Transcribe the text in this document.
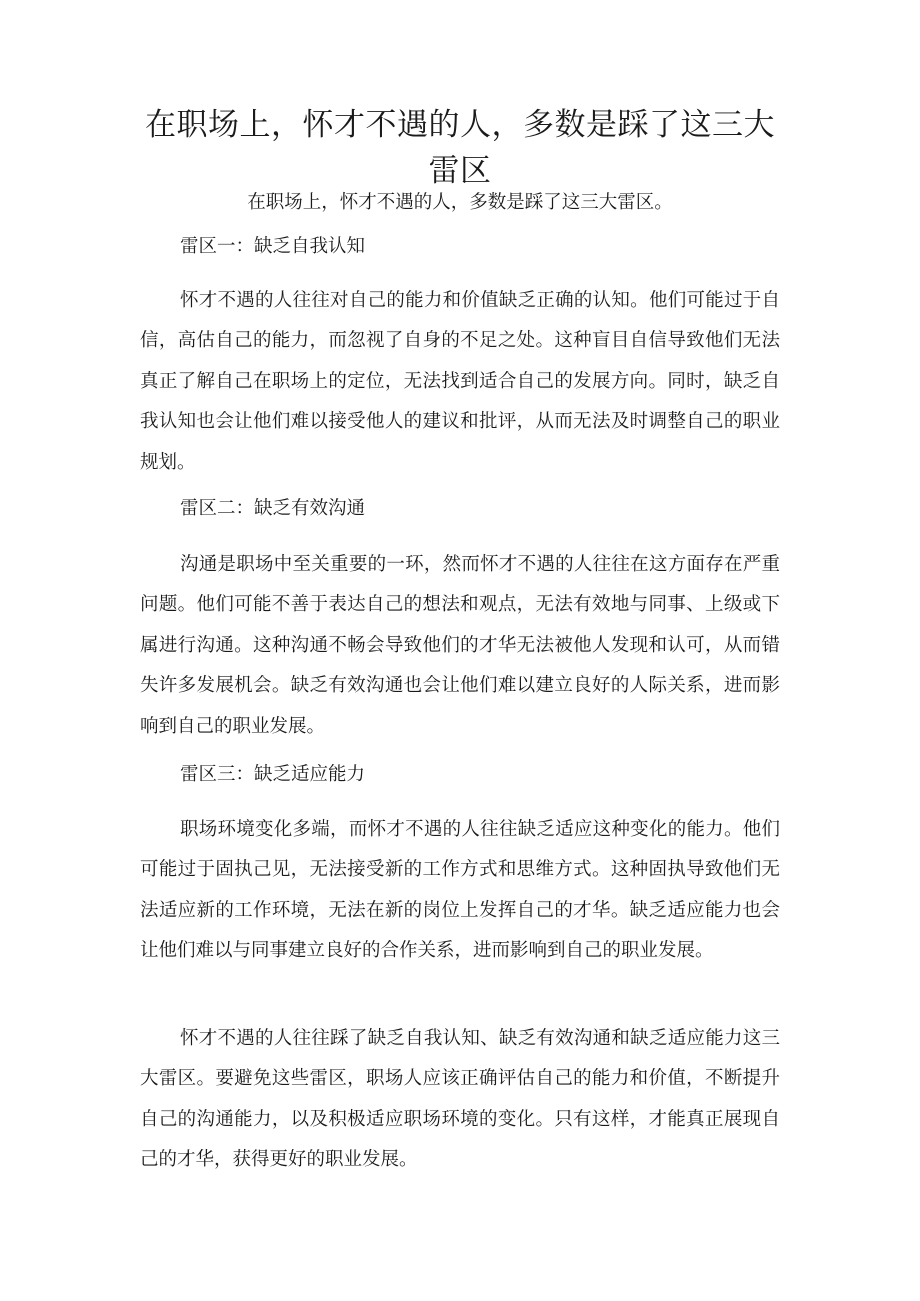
在职场上，怀才不遇的人，多数是踩了这三大雷区

在职场上，怀才不遇的人，多数是踩了这三大雷区。

雷区一：缺乏自我认知

怀才不遇的人往往对自己的能力和价值缺乏正确的认知。他们可能过于自信，高估自己的能力，而忽视了自身的不足之处。这种盲目自信导致他们无法真正了解自己在职场上的定位，无法找到适合自己的发展方向。同时，缺乏自我认知也会让他们难以接受他人的建议和批评，从而无法及时调整自己的职业规划。

雷区二：缺乏有效沟通

沟通是职场中至关重要的一环，然而怀才不遇的人往往在这方面存在严重问题。他们可能不善于表达自己的想法和观点，无法有效地与同事、上级或下属进行沟通。这种沟通不畅会导致他们的才华无法被他人发现和认可，从而错失许多发展机会。缺乏有效沟通也会让他们难以建立良好的人际关系，进而影响到自己的职业发展。

雷区三：缺乏适应能力

职场环境变化多端，而怀才不遇的人往往缺乏适应这种变化的能力。他们可能过于固执己见，无法接受新的工作方式和思维方式。这种固执导致他们无法适应新的工作环境，无法在新的岗位上发挥自己的才华。缺乏适应能力也会让他们难以与同事建立良好的合作关系，进而影响到自己的职业发展。

怀才不遇的人往往踩了缺乏自我认知、缺乏有效沟通和缺乏适应能力这三大雷区。要避免这些雷区，职场人应该正确评估自己的能力和价值，不断提升自己的沟通能力，以及积极适应职场环境的变化。只有这样，才能真正展现自己的才华，获得更好的职业发展。
